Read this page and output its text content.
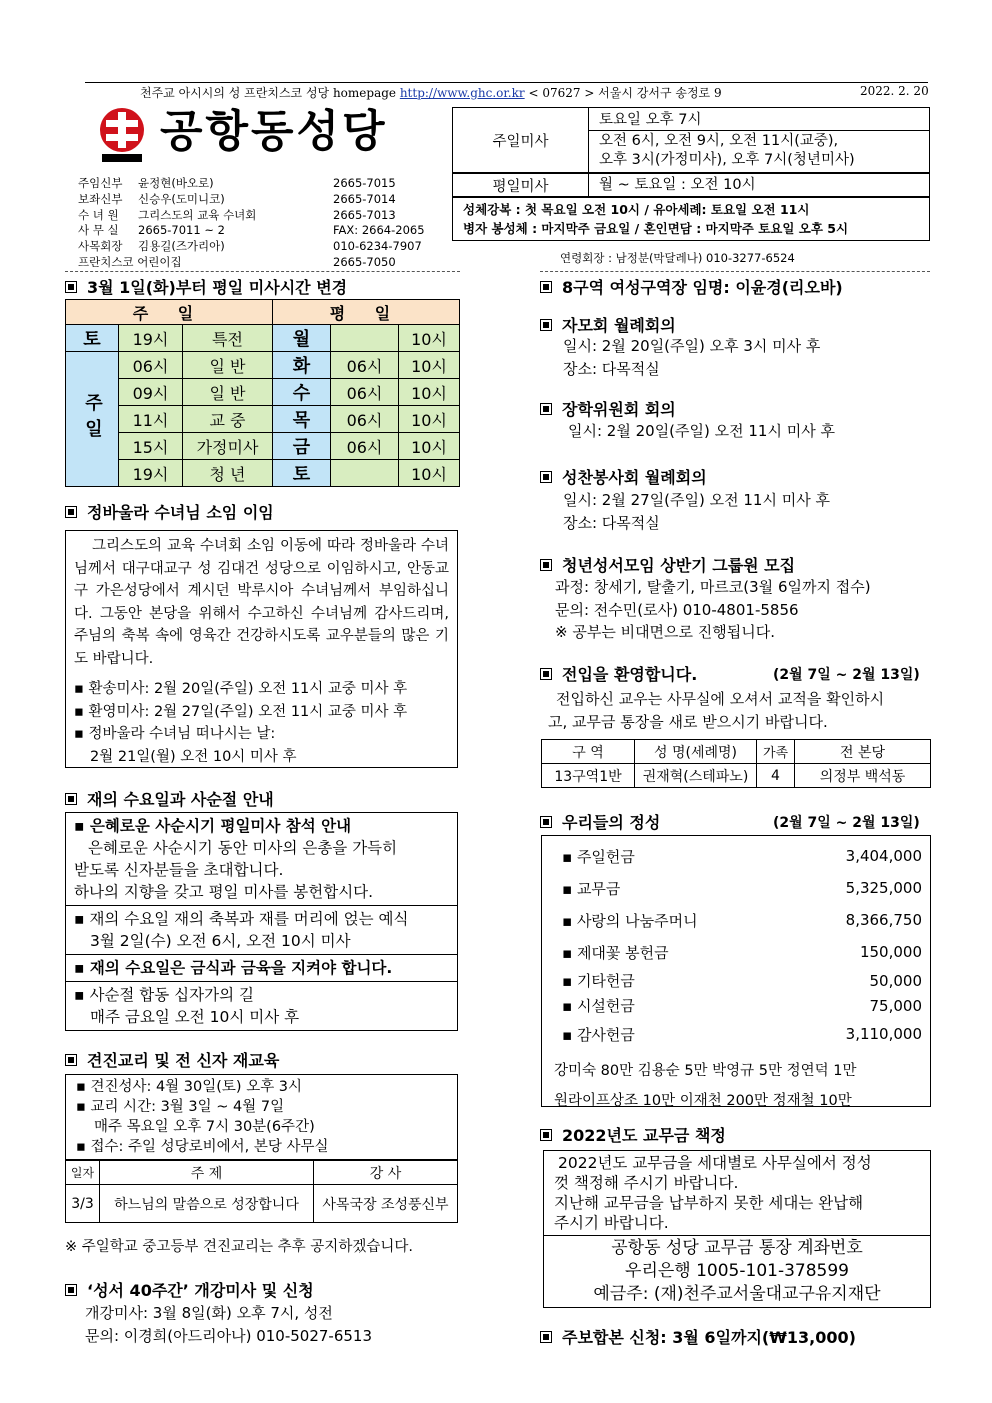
천주교 아시시의 성 프란치스코 성당 homepage http://www.ghc.or.kr < 07627 > 서울시 강서구 송정로 9	2022. 2. 20
공항동성당
주임신부	윤정현(바오로)	2665-7015
보좌신부	신승우(도미니코)	2665-7014
수 녀 원	그리스도의 교육 수녀회	2665-7013
사 무 실	2665-7011 ~ 2	FAX: 2664-2065
사목회장	김용길(즈가리아)	010-6234-7907
프란치스코 어린이집	2665-7050
주일미사
토요일 오후 7시
오전 6시, 오전 9시, 오전 11시(교중),
오후 3시(가정미사), 오후 7시(청년미사)
평일미사	월 ~ 토요일 : 오전 10시
성체강복 : 첫 목요일 오전 10시 / 유아세례: 토요일 오전 11시
병자 봉성체 : 마지막주 금요일 / 혼인면담 : 마지막주 토요일 오후 5시
연령회장 : 남정분(막달레나) 010-3277-6524
3월 1일(화)부터 평일 미사시간 변경
주 일			평 일		
토	19시	특전	월		10시
주일	06시	일 반	화	06시	10시
	09시	일 반	수	06시	10시
	11시	교 중	목	06시	10시
	15시	가정미사	금	06시	10시
	19시	청 년	토		10시
정바울라 수녀님 소임 이임
그리스도의 교육 수녀회 소임 이동에 따라 정바울라 수녀님께서 대구대교구 성 김대건 성당으로 이임하시고, 안동교구 가은성당에서 계시던 박루시아 수녀님께서 부임하십니다. 그동안 본당을 위해서 수고하신 수녀님께 감사드리며, 주님의 축복 속에 영육간 건강하시도록 교우분들의 많은 기도 바랍니다.
▪ 환송미사: 2월 20일(주일) 오전 11시 교중 미사 후
▪ 환영미사: 2월 27일(주일) 오전 11시 교중 미사 후
▪ 정바울라 수녀님 떠나시는 날:
2월 21일(월) 오전 10시 미사 후
재의 수요일과 사순절 안내
▪ 은혜로운 사순시기 평일미사 참석 안내
은혜로운 사순시기 동안 미사의 은총을 가득히
받도록 신자분들을 초대합니다.
하나의 지향을 갖고 평일 미사를 봉헌합시다.
▪ 재의 수요일 재의 축복과 재를 머리에 얹는 예식
3월 2일(수) 오전 6시, 오전 10시 미사
▪ 재의 수요일은 금식과 금육을 지켜야 합니다.
▪ 사순절 합동 십자가의 길
매주 금요일 오전 10시 미사 후
견진교리 및 전 신자 재교육
▪ 견진성사: 4월 30일(토) 오후 3시
▪ 교리 시간: 3월 3일 ~ 4월 7일
매주 목요일 오후 7시 30분(6주간)
▪ 접수: 주일 성당로비에서, 본당 사무실
일자	주 제	강 사
3/3	하느님의 말씀으로 성장합니다	사목국장 조성풍신부
※ 주일학교 중고등부 견진교리는 추후 공지하겠습니다.
‘성서 40주간’ 개강미사 및 신청
개강미사: 3월 8일(화) 오후 7시, 성전
문의: 이경희(아드리아나) 010-5027-6513
8구역 여성구역장 임명: 이윤경(리오바)
자모회 월례회의
일시: 2월 20일(주일) 오후 3시 미사 후
장소: 다목적실
장학위원회 회의
일시: 2월 20일(주일) 오전 11시 미사 후
성찬봉사회 월례회의
일시: 2월 27일(주일) 오전 11시 미사 후
장소: 다목적실
청년성서모임 상반기 그룹원 모집
과정: 창세기, 탈출기, 마르코(3월 6일까지 접수)
문의: 전수민(로사) 010-4801-5856
※ 공부는 비대면으로 진행됩니다.
전입을 환영합니다.	(2월 7일 ~ 2월 13일)
전입하신 교우는 사무실에 오셔서 교적을 확인하시
고, 교무금 통장을 새로 받으시기 바랍니다.
구 역	성 명(세례명)	가족	전 본당
13구역1반	권재혁(스테파노)	4	의정부 백석동
우리들의 정성	(2월 7일 ~ 2월 13일)
▪ 주일헌금	3,404,000
▪ 교무금	5,325,000
▪ 사랑의 나눔주머니	8,366,750
▪ 제대꽃 봉헌금	150,000
▪ 기타헌금	50,000
▪ 시설헌금	75,000
▪ 감사헌금	3,110,000
강미숙 80만 김용순 5만 박영규 5만 정연덕 1만
원라이프상조 10만 이재천 200만 정재철 10만
2022년도 교무금 책정
2022년도 교무금을 세대별로 사무실에서 정성
껏 책정해 주시기 바랍니다.
지난해 교무금을 납부하지 못한 세대는 완납해
주시기 바랍니다.
공항동 성당 교무금 통장 계좌번호
우리은행 1005-101-378599
예금주: (재)천주교서울대교구유지재단
주보합본 신청: 3월 6일까지(₩13,000)
